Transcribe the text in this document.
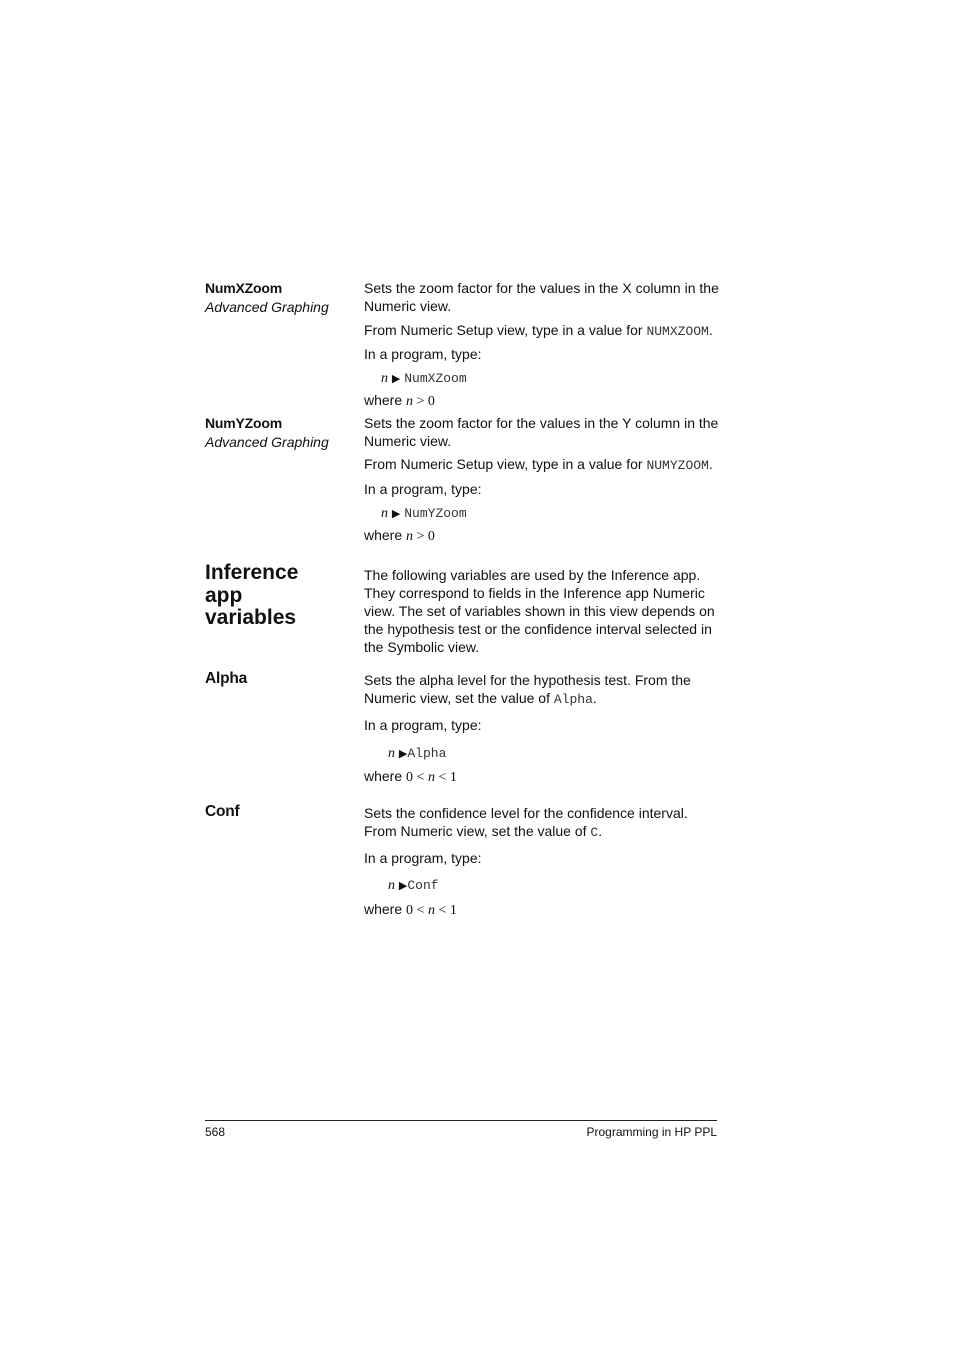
NumXZoom
Advanced Graphing
Sets the zoom factor for the values in the X column in the Numeric view.
From Numeric Setup view, type in a value for NUMXZOOM.
In a program, type:
n ▶ NumXZoom
where n > 0
NumYZoom
Advanced Graphing
Sets the zoom factor for the values in the Y column in the Numeric view.
From Numeric Setup view, type in a value for NUMYZOOM.
In a program, type:
n ▶ NumYZoom
where n > 0
Inference
app
variables
The following variables are used by the Inference app. They correspond to fields in the Inference app Numeric view. The set of variables shown in this view depends on the hypothesis test or the confidence interval selected in the Symbolic view.
Alpha	Sets the alpha level for the hypothesis test. From the Numeric view, set the value of Alpha.
In a program, type:
n ▶Alpha
where 0 < n < 1
Conf	Sets the confidence level for the confidence interval. From Numeric view, set the value of C.
In a program, type:
n ▶Conf
where 0 < n < 1
568	Programming in HP PPL
